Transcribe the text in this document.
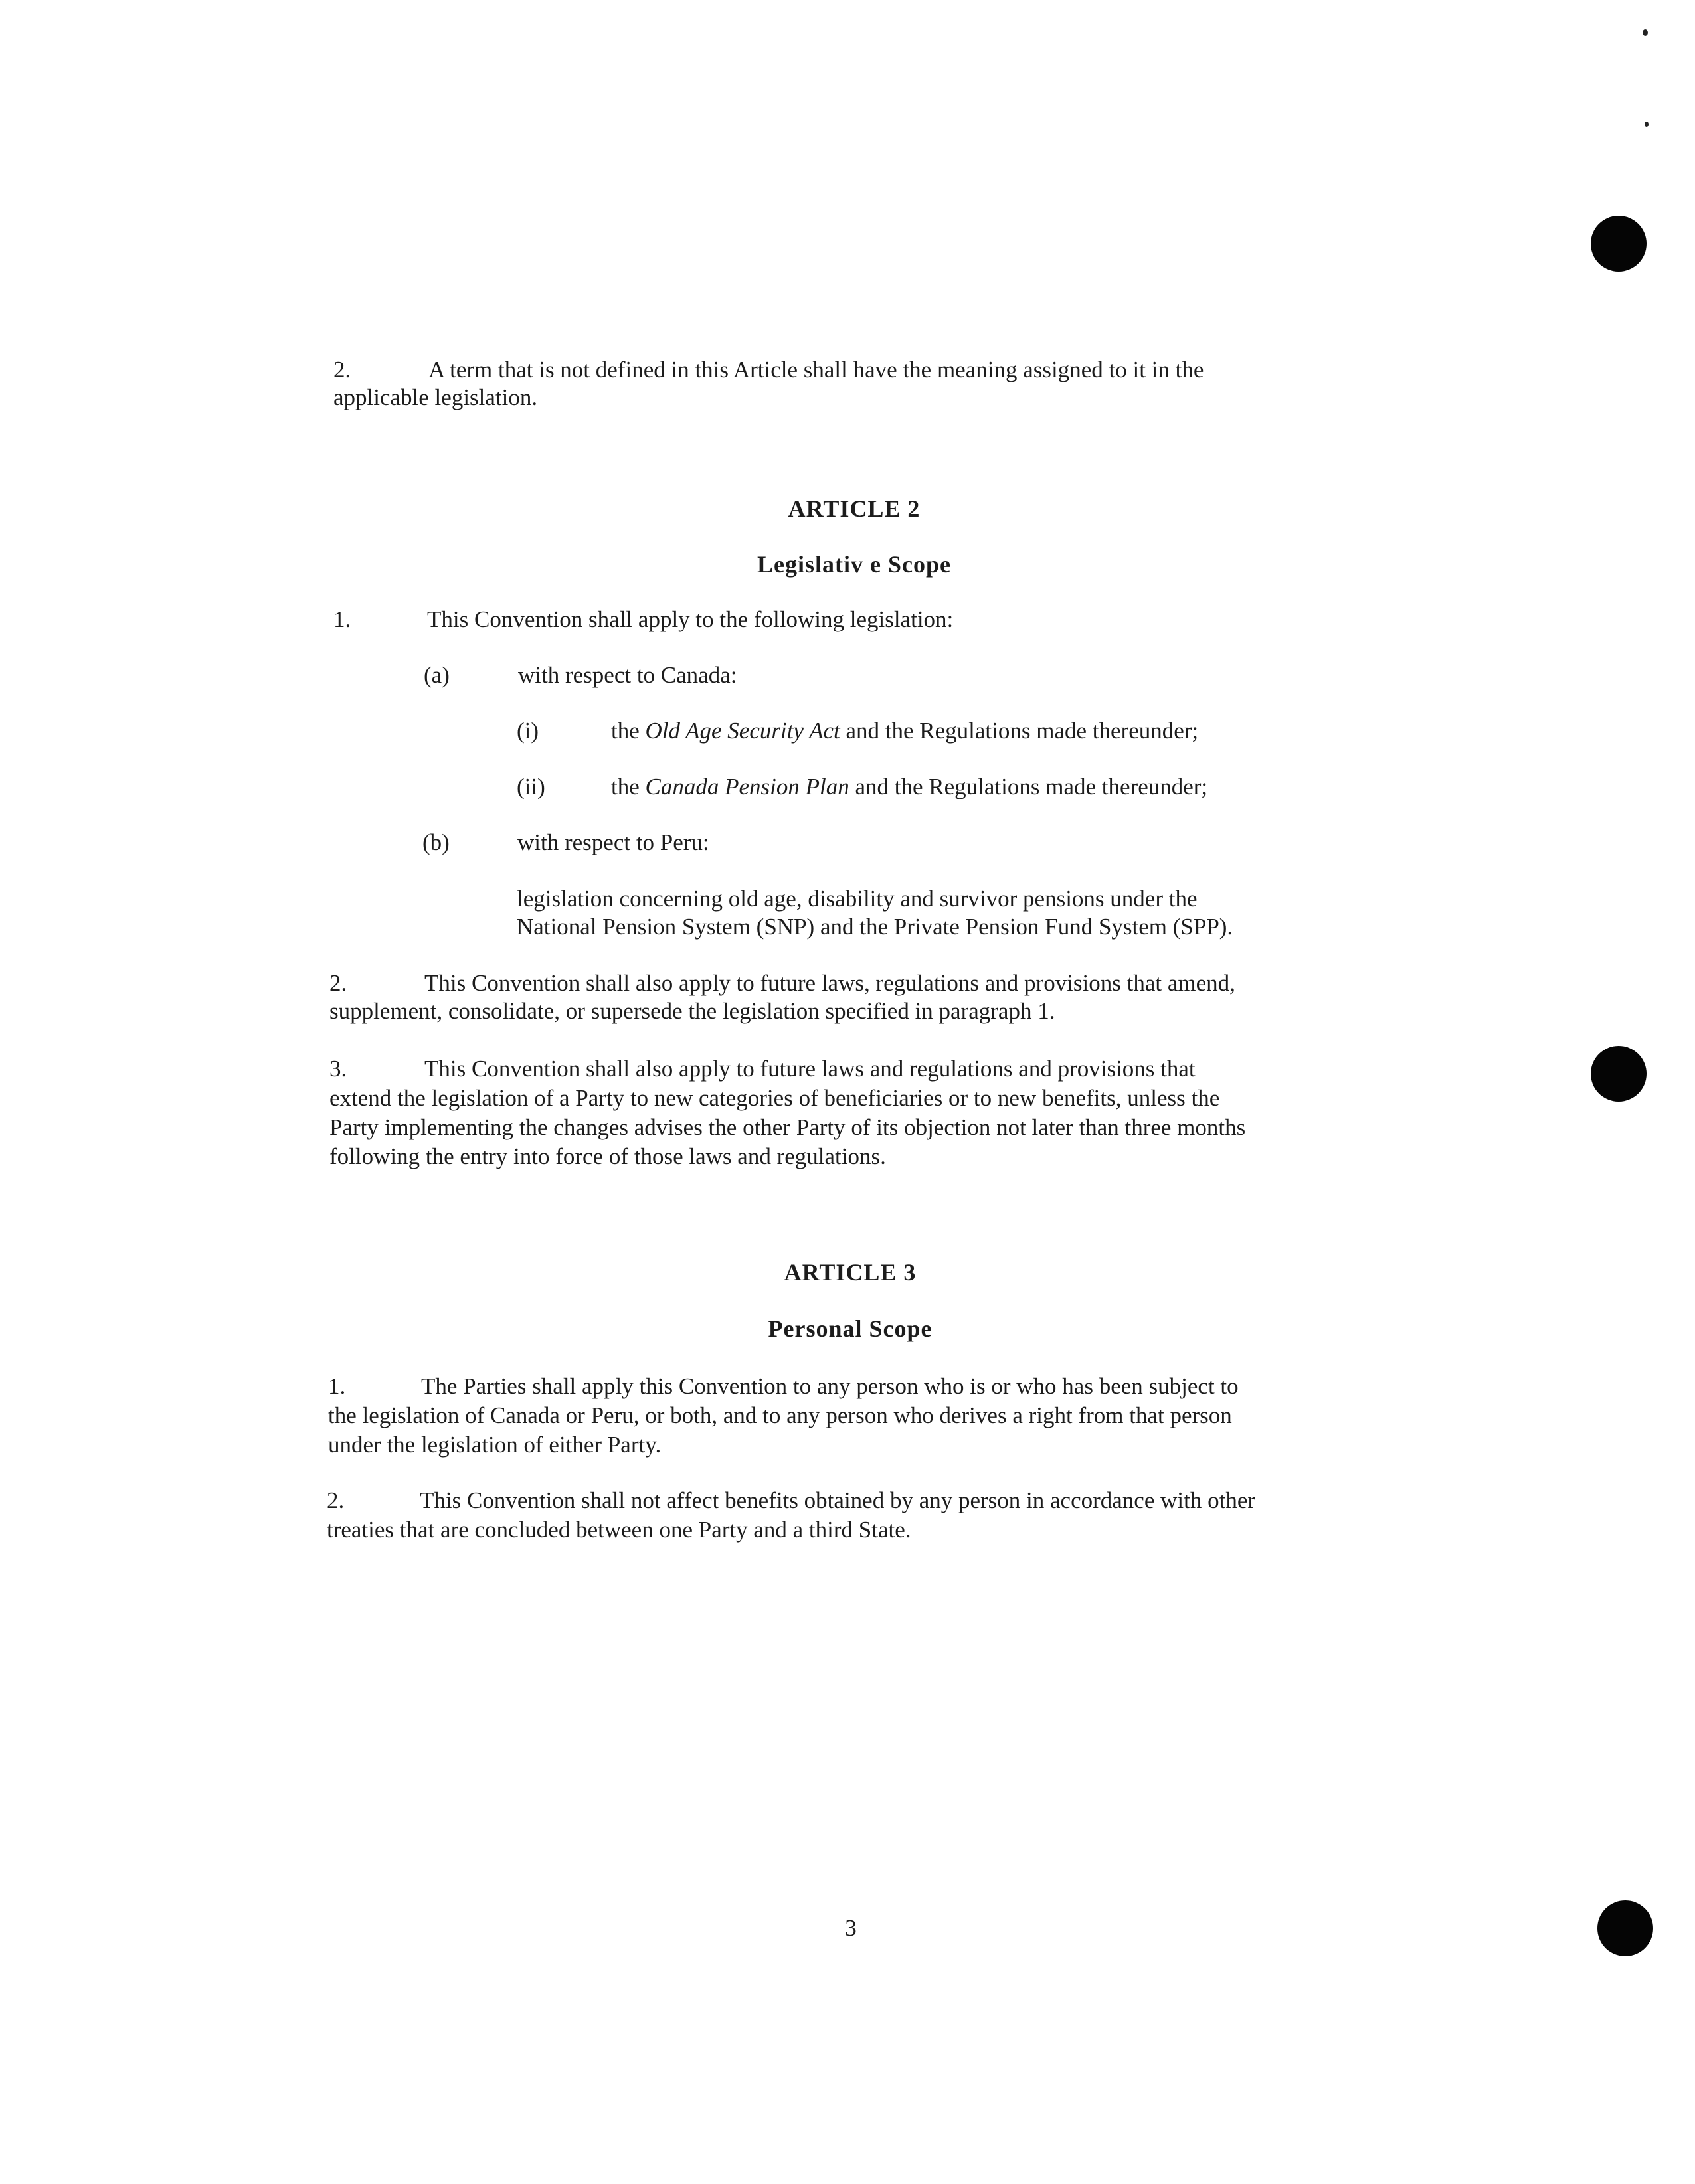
2.	A term that is not defined in this Article shall have the meaning assigned to it in the
applicable legislation.
ARTICLE 2
Legislativ e Scope
1.	This Convention shall apply to the following legislation:
(a)	with respect to Canada:
(i)	the Old Age Security Act and the Regulations made thereunder;
(ii)	the Canada Pension Plan and the Regulations made thereunder;
(b)	with respect to Peru:
legislation concerning old age, disability and survivor pensions under the
National Pension System (SNP) and the Private Pension Fund System (SPP).
2.	This Convention shall also apply to future laws, regulations and provisions that amend,
supplement, consolidate, or supersede the legislation specified in paragraph 1.
3.	This Convention shall also apply to future laws and regulations and provisions that
extend the legislation of a Party to new categories of beneficiaries or to new benefits, unless the
Party implementing the changes advises the other Party of its objection not later than three months
following the entry into force of those laws and regulations.
ARTICLE 3
Personal Scope
1.	The Parties shall apply this Convention to any person who is or who has been subject to
the legislation of Canada or Peru, or both, and to any person who derives a right from that person
under the legislation of either Party.
2.	This Convention shall not affect benefits obtained by any person in accordance with other
treaties that are concluded between one Party and a third State.
3
